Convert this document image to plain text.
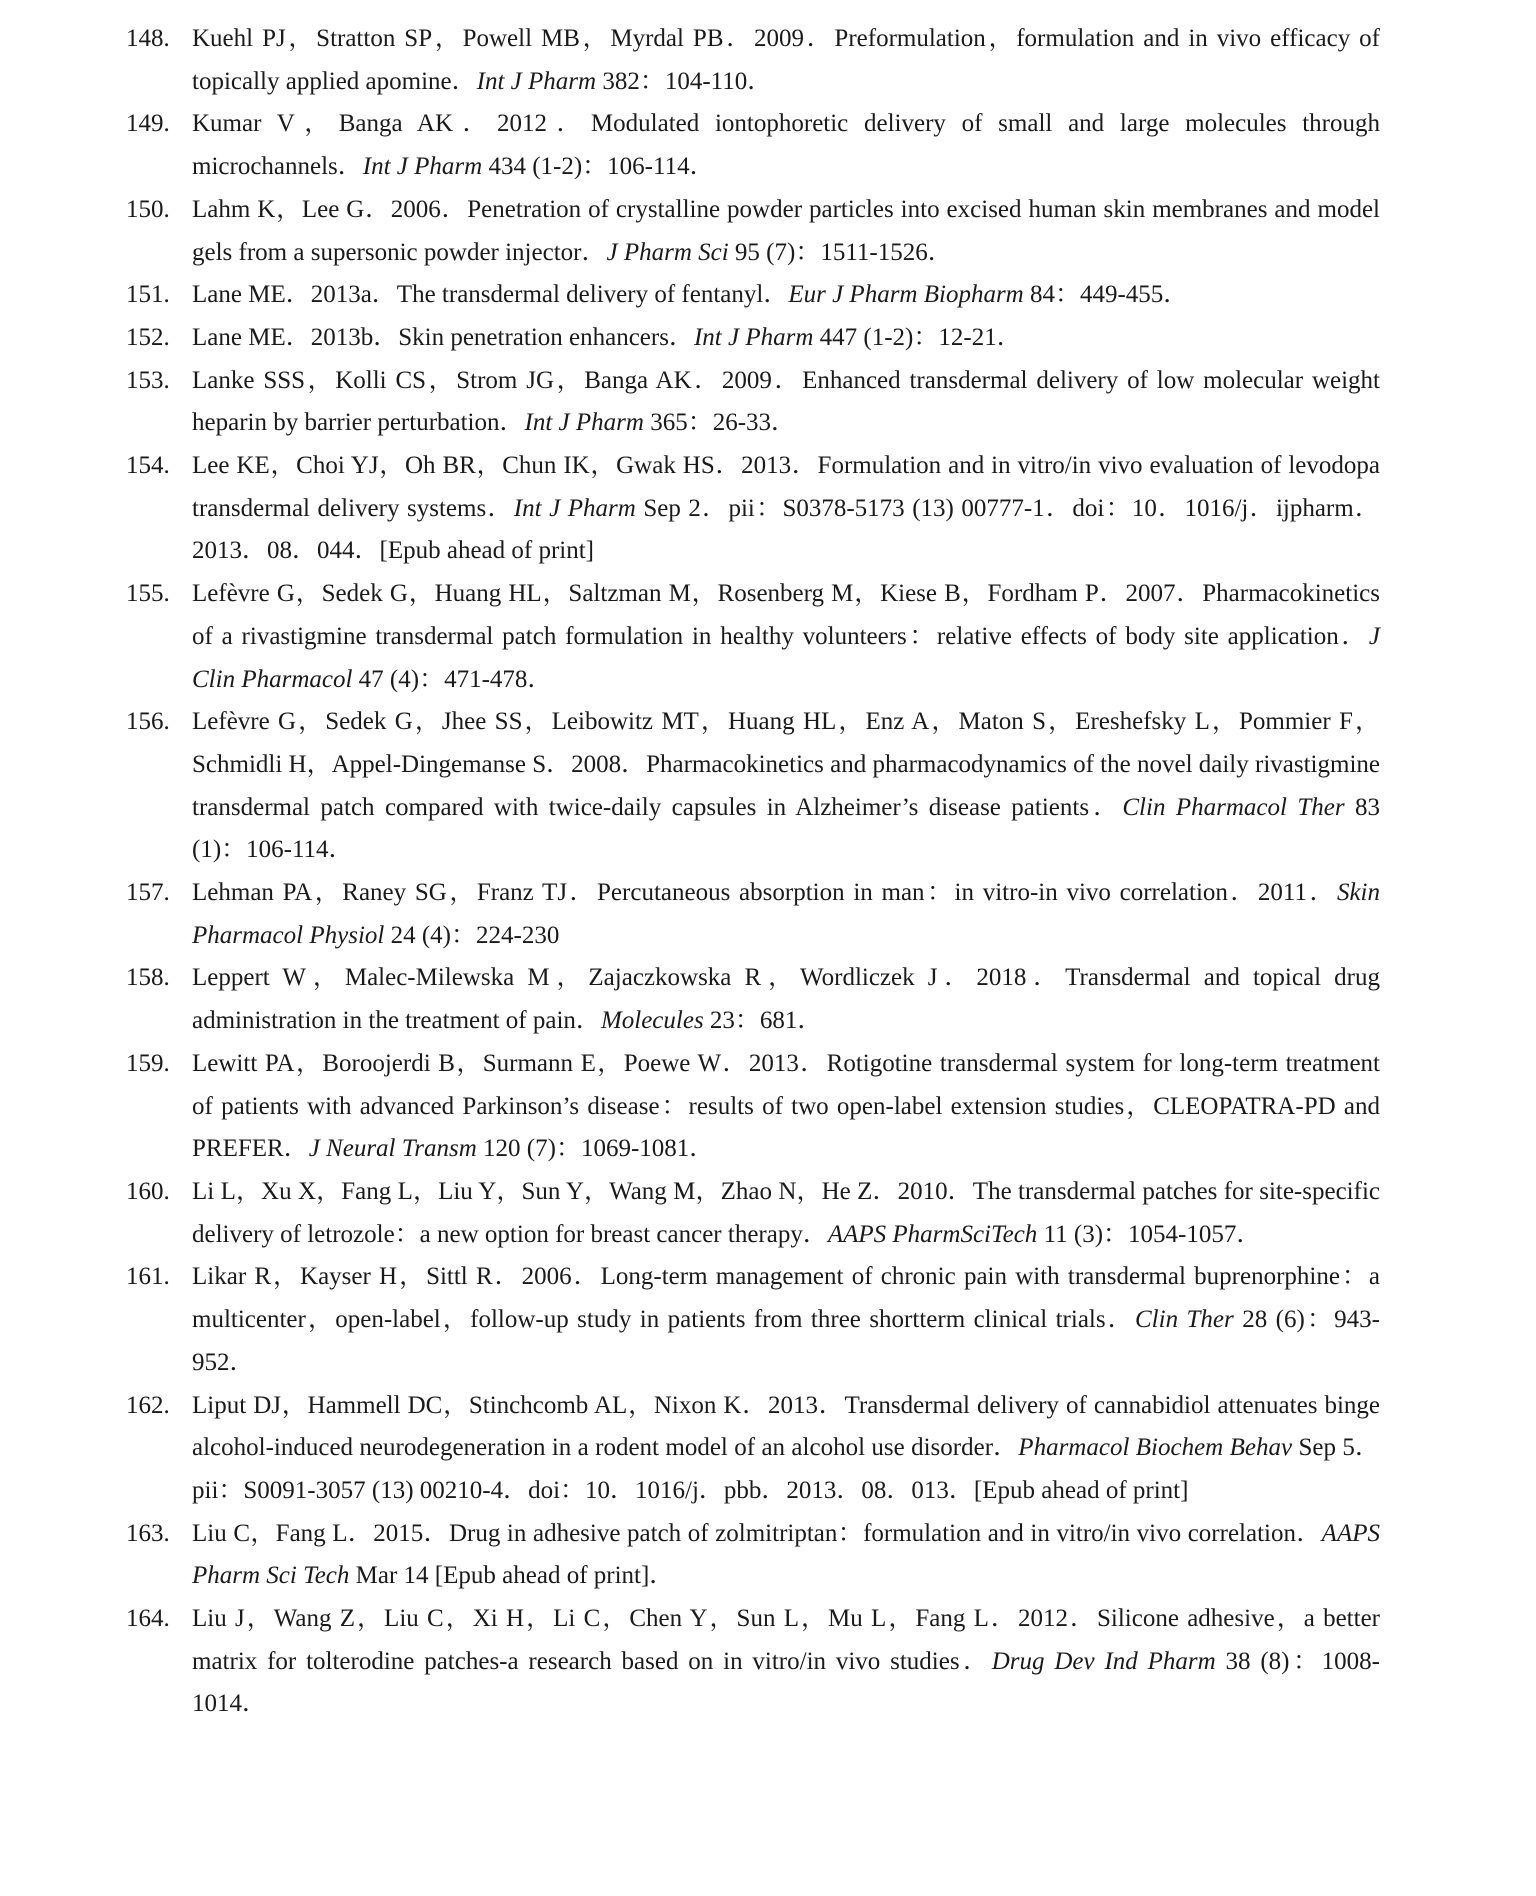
148. Kuehl PJ，Stratton SP，Powell MB，Myrdal PB．2009．Preformulation，formulation and in vivo efficacy of topically applied apomine．Int J Pharm 382：104-110．
149. Kumar V，Banga AK．2012．Modulated iontophoretic delivery of small and large molecules through microchannels．Int J Pharm 434 (1-2)：106-114．
150. Lahm K，Lee G．2006．Penetration of crystalline powder particles into excised human skin membranes and model gels from a supersonic powder injector．J Pharm Sci 95 (7)：1511-1526．
151. Lane ME．2013a．The transdermal delivery of fentanyl．Eur J Pharm Biopharm 84：449-455．
152. Lane ME．2013b．Skin penetration enhancers．Int J Pharm 447 (1-2)：12-21．
153. Lanke SSS，Kolli CS，Strom JG，Banga AK．2009．Enhanced transdermal delivery of low molecular weight heparin by barrier perturbation．Int J Pharm 365：26-33．
154. Lee KE，Choi YJ，Oh BR，Chun IK，Gwak HS．2013．Formulation and in vitro/in vivo evaluation of levodopa transdermal delivery systems．Int J Pharm Sep 2．pii：S0378-5173 (13) 00777-1．doi：10．1016/j．ijpharm．2013．08．044．[Epub ahead of print]
155. Lefèvre G，Sedek G，Huang HL，Saltzman M，Rosenberg M，Kiese B，Fordham P．2007．Pharmacokinetics of a rivastigmine transdermal patch formulation in healthy volunteers：relative effects of body site application．J Clin Pharmacol 47 (4)：471-478．
156. Lefèvre G，Sedek G，Jhee SS，Leibowitz MT，Huang HL，Enz A，Maton S，Ereshefsky L，Pommier F，Schmidli H，Appel-Dingemanse S．2008．Pharmacokinetics and pharmacodynamics of the novel daily rivastigmine transdermal patch compared with twice-daily capsules in Alzheimer’s disease patients．Clin Pharmacol Ther 83 (1)：106-114．
157. Lehman PA，Raney SG，Franz TJ．Percutaneous absorption in man：in vitro-in vivo correlation．2011．Skin Pharmacol Physiol 24 (4)：224-230
158. Leppert W，Malec-Milewska M，Zajaczkowska R，Wordliczek J．2018．Transdermal and topical drug administration in the treatment of pain．Molecules 23：681．
159. Lewitt PA，Boroojerdi B，Surmann E，Poewe W．2013．Rotigotine transdermal system for long-term treatment of patients with advanced Parkinson’s disease：results of two open-label extension studies，CLEOPATRA-PD and PREFER．J Neural Transm 120 (7)：1069-1081．
160. Li L，Xu X，Fang L，Liu Y，Sun Y，Wang M，Zhao N，He Z．2010．The transdermal patches for site-specific delivery of letrozole：a new option for breast cancer therapy．AAPS PharmSciTech 11 (3)：1054-1057．
161. Likar R，Kayser H，Sittl R．2006．Long-term management of chronic pain with transdermal buprenorphine：a multicenter，open-label，follow-up study in patients from three shortterm clinical trials．Clin Ther 28 (6)：943-952．
162. Liput DJ，Hammell DC，Stinchcomb AL，Nixon K．2013．Transdermal delivery of cannabidiol attenuates binge alcohol-induced neurodegeneration in a rodent model of an alcohol use disorder．Pharmacol Biochem Behav Sep 5．pii：S0091-3057 (13) 00210-4．doi：10．1016/j．pbb．2013．08．013．[Epub ahead of print]
163. Liu C，Fang L．2015．Drug in adhesive patch of zolmitriptan：formulation and in vitro/in vivo correlation．AAPS Pharm Sci Tech Mar 14 [Epub ahead of print]．
164. Liu J，Wang Z，Liu C，Xi H，Li C，Chen Y，Sun L，Mu L，Fang L．2012．Silicone adhesive，a better matrix for tolterodine patches-a research based on in vitro/in vivo studies．Drug Dev Ind Pharm 38 (8)：1008-1014．
